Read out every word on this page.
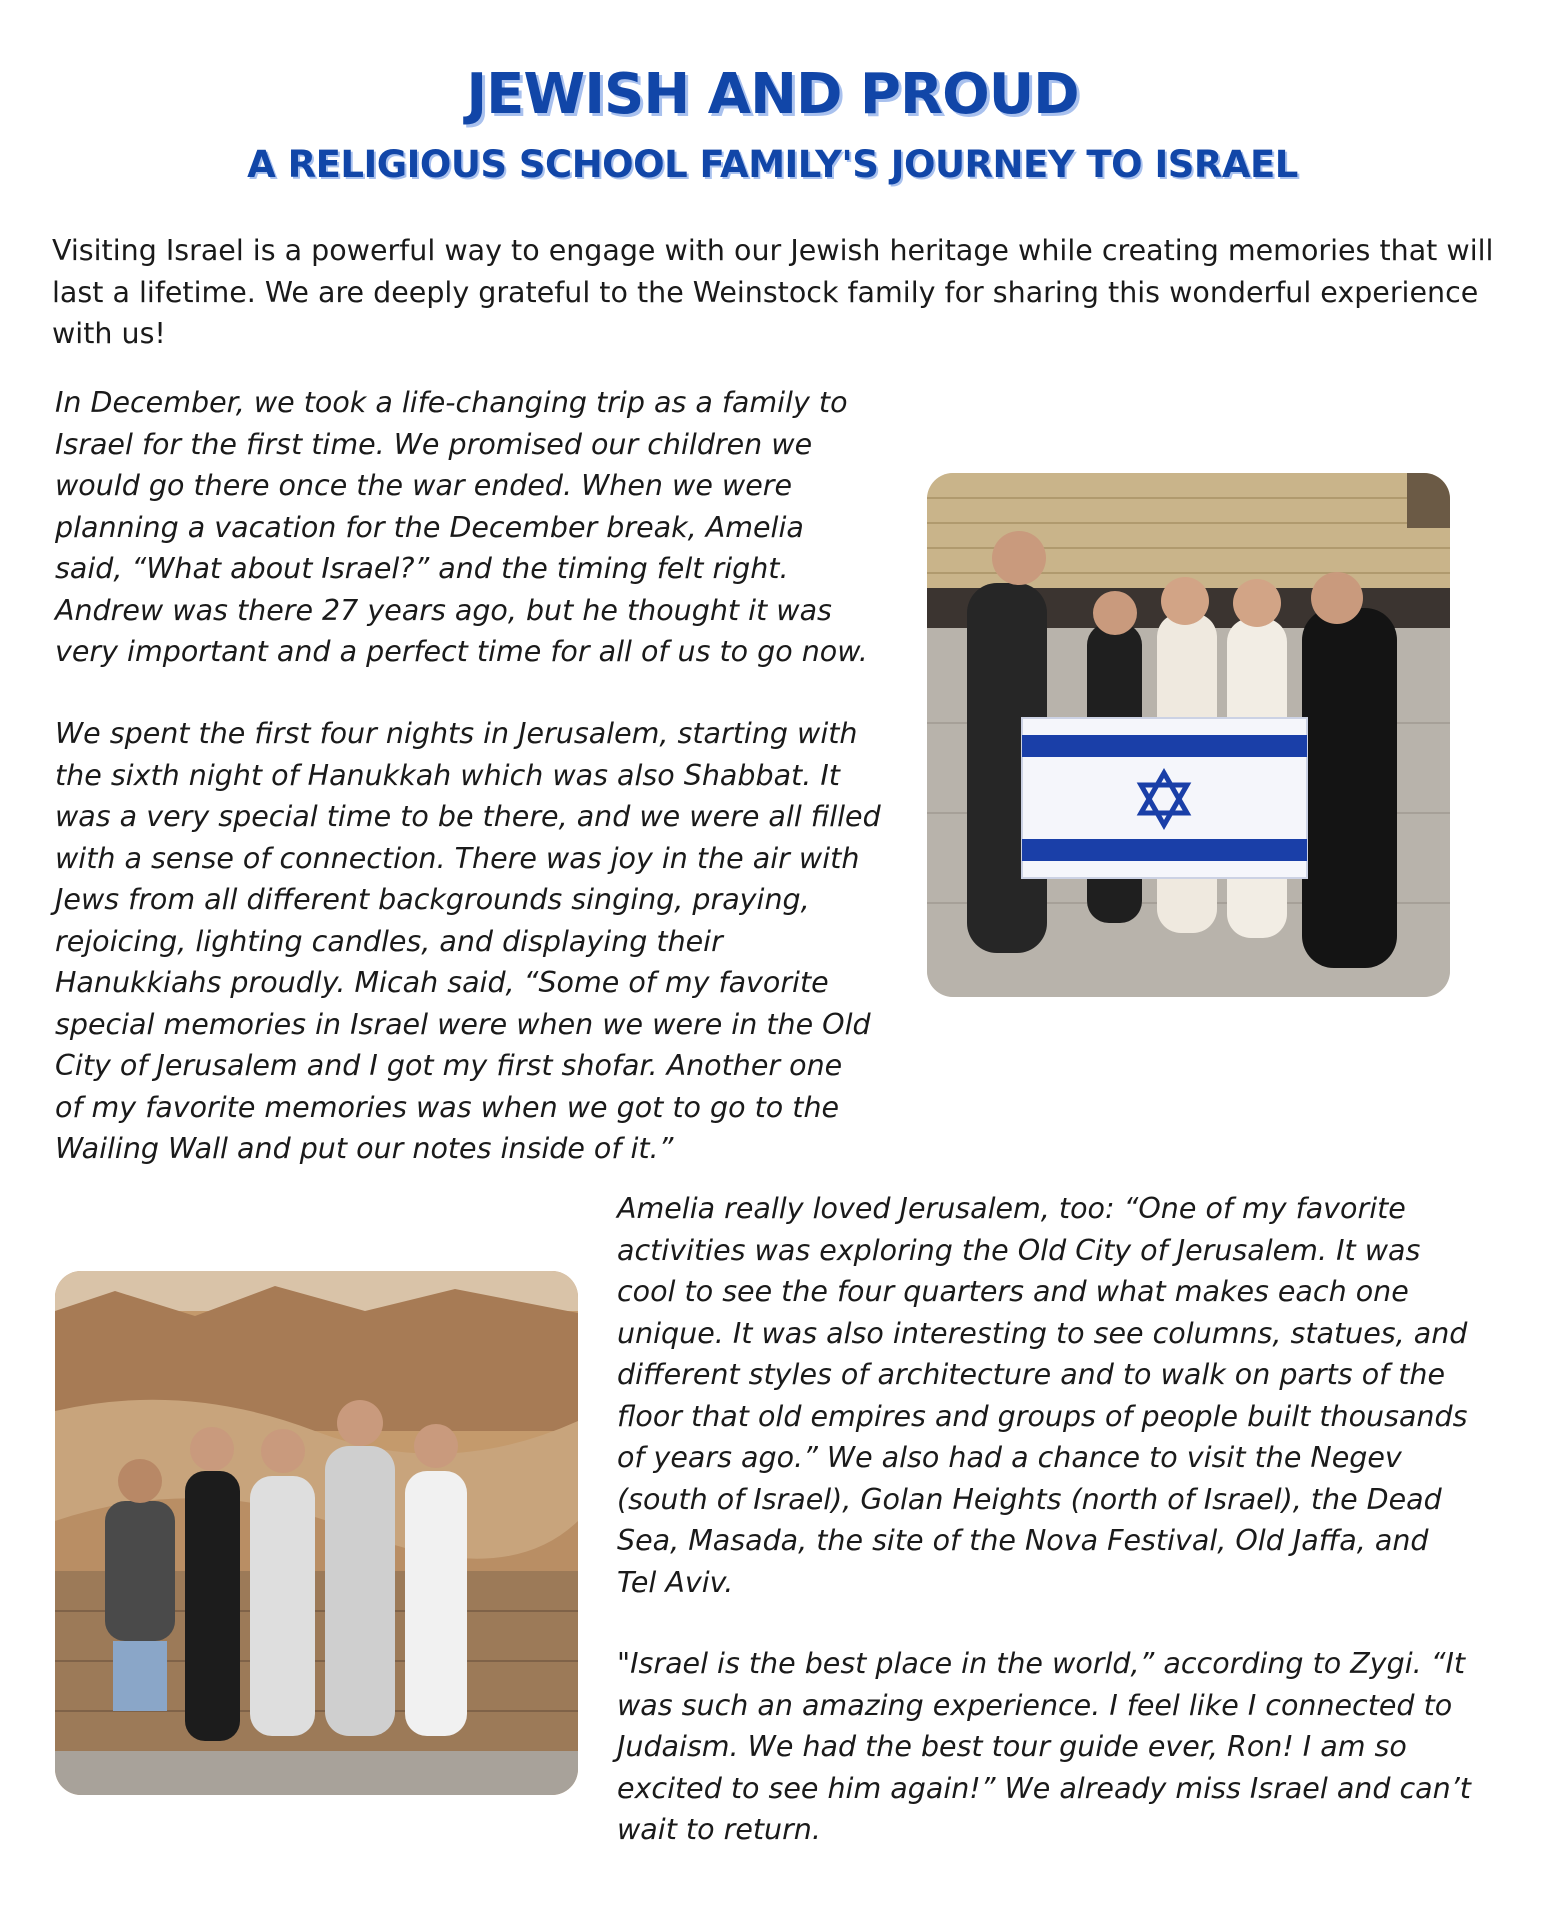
JEWISH AND PROUD
A RELIGIOUS SCHOOL FAMILY'S JOURNEY TO ISRAEL

Visiting Israel is a powerful way to engage with our Jewish heritage while creating memories that will last a lifetime. We are deeply grateful to the Weinstock family for sharing this wonderful experience with us!

In December, we took a life-changing trip as a family to
Israel for the first time. We promised our children we
would go there once the war ended. When we were
planning a vacation for the December break, Amelia
said, “What about Israel?” and the timing felt right.
Andrew was there 27 years ago, but he thought it was
very important and a perfect time for all of us to go now.

We spent the first four nights in Jerusalem, starting with
the sixth night of Hanukkah which was also Shabbat. It
was a very special time to be there, and we were all filled
with a sense of connection. There was joy in the air with
Jews from all different backgrounds singing, praying,
rejoicing, lighting candles, and displaying their
Hanukkiahs proudly. Micah said, “Some of my favorite
special memories in Israel were when we were in the Old
City of Jerusalem and I got my first shofar. Another one
of my favorite memories was when we got to go to the
Wailing Wall and put our notes inside of it.”

Amelia really loved Jerusalem, too: “One of my favorite
activities was exploring the Old City of Jerusalem. It was
cool to see the four quarters and what makes each one
unique. It was also interesting to see columns, statues, and
different styles of architecture and to walk on parts of the
floor that old empires and groups of people built thousands
of years ago.” We also had a chance to visit the Negev
(south of Israel), Golan Heights (north of Israel), the Dead
Sea, Masada, the site of the Nova Festival, Old Jaffa, and
Tel Aviv.

"Israel is the best place in the world,” according to Zygi. “It
was such an amazing experience. I feel like I connected to
Judaism. We had the best tour guide ever, Ron! I am so
excited to see him again!” We already miss Israel and can’t
wait to return.
